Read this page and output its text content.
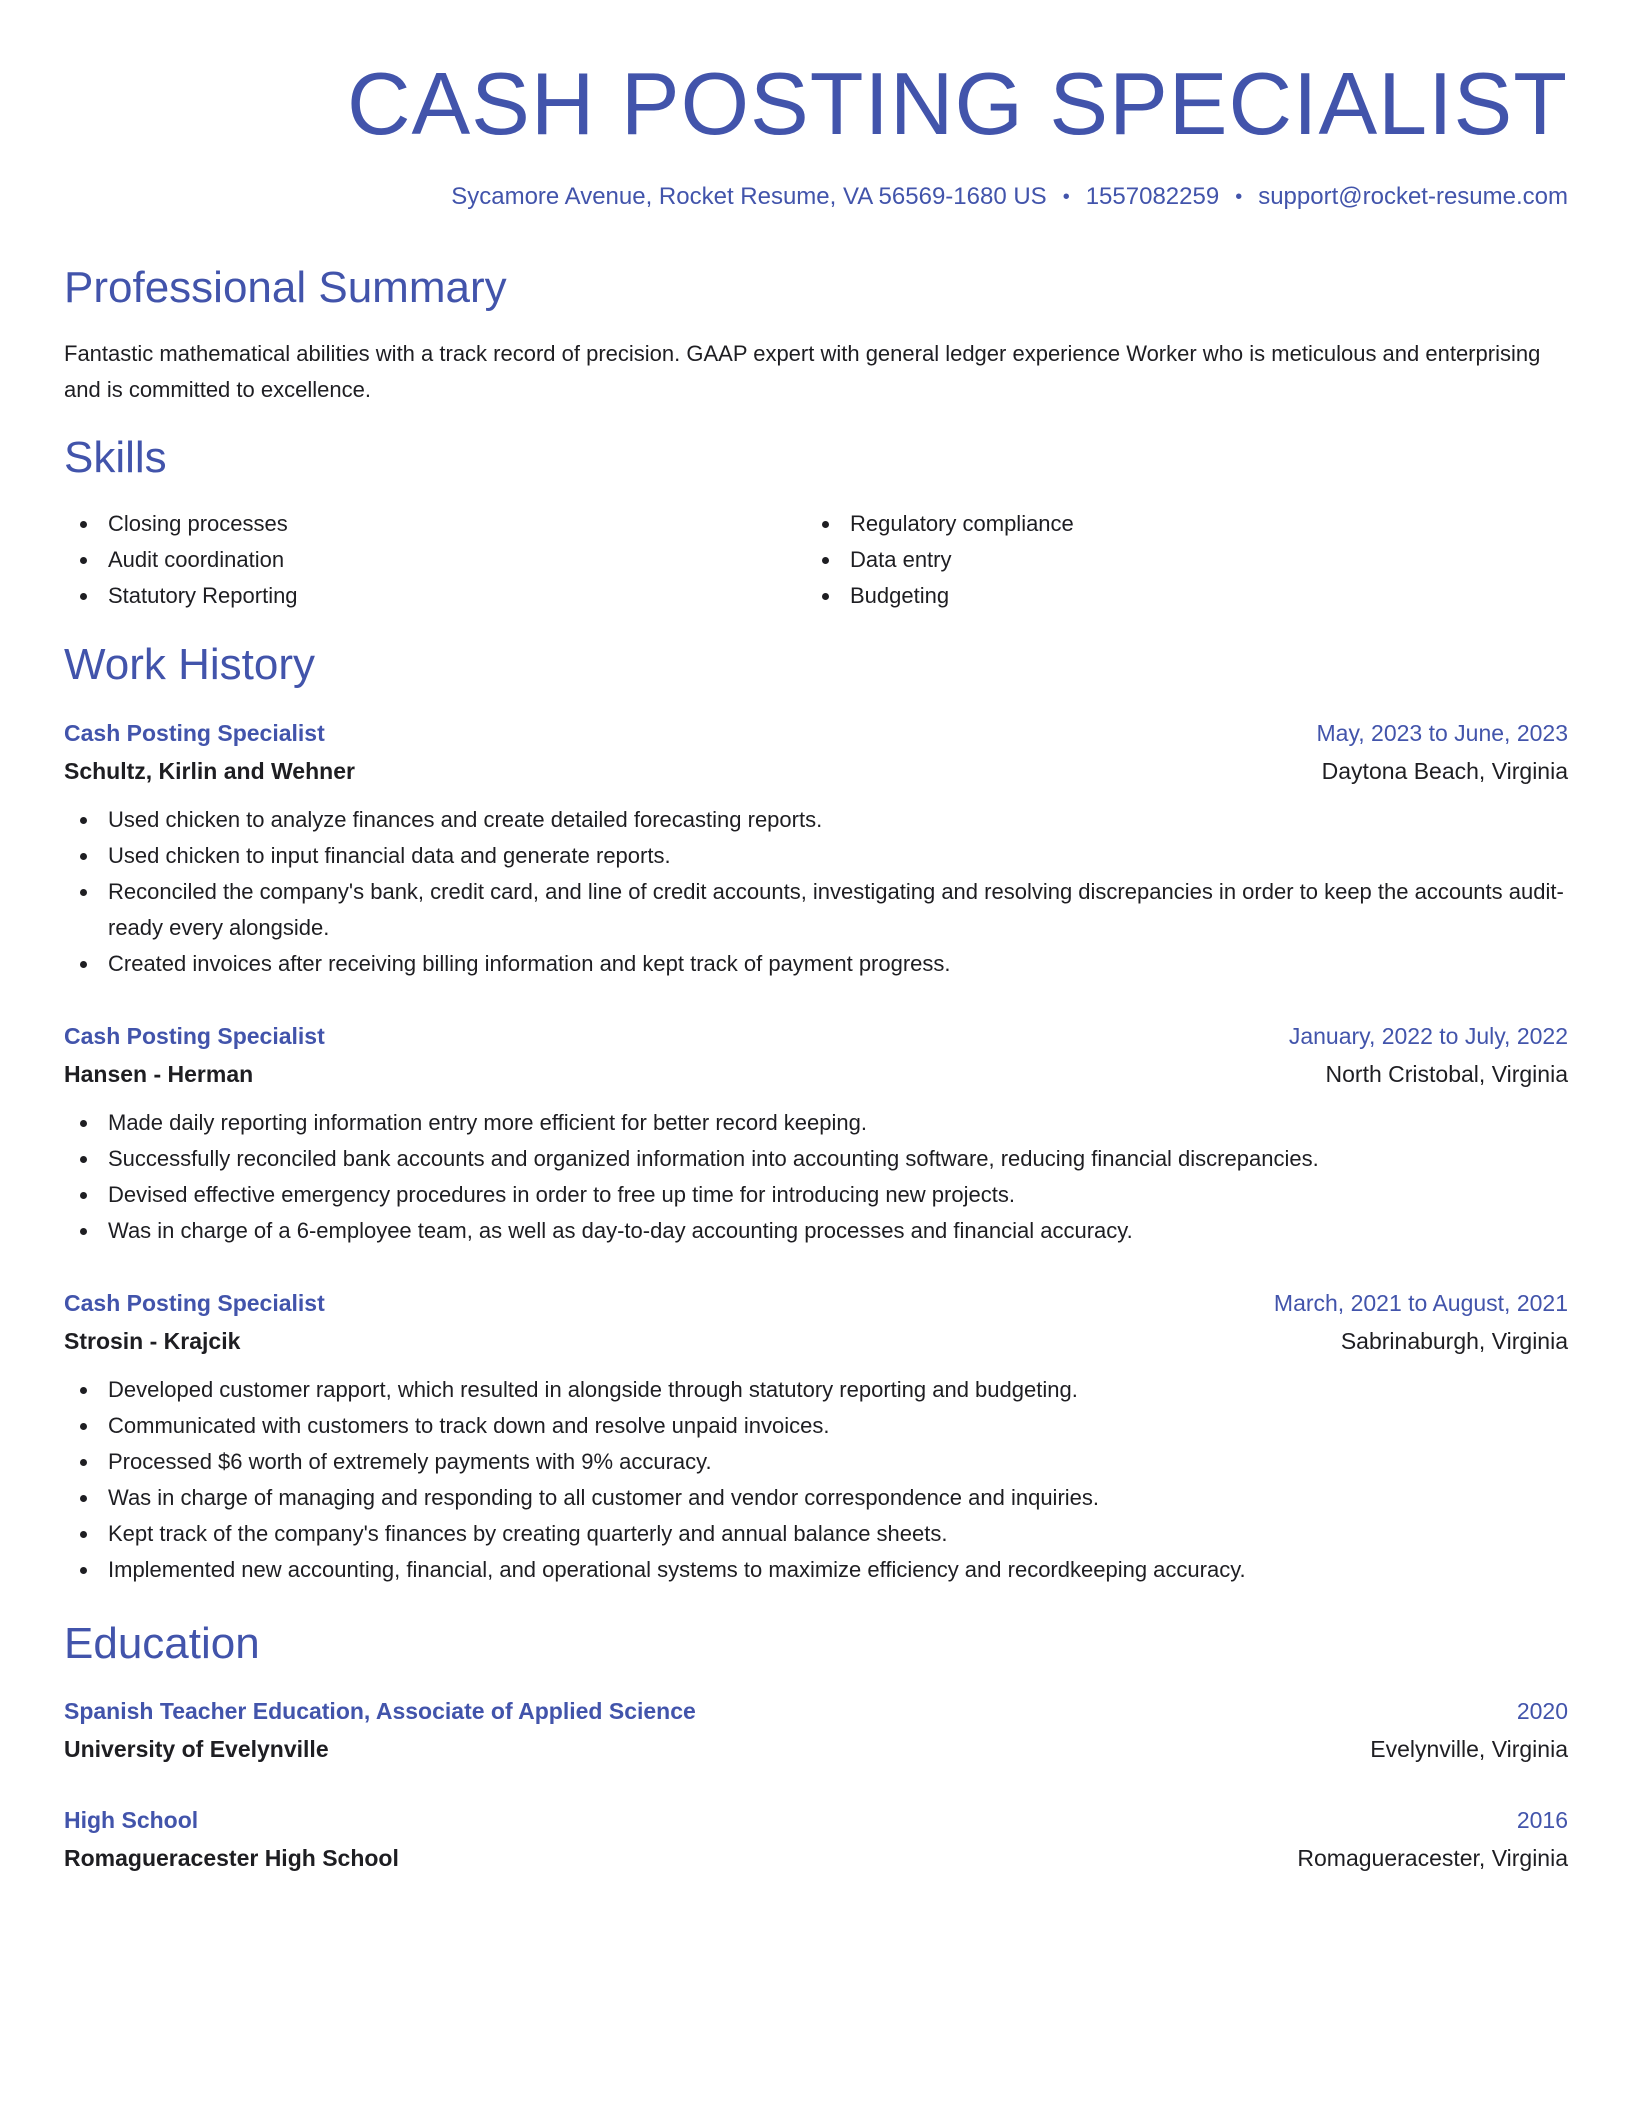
CASH POSTING SPECIALIST
Sycamore Avenue, Rocket Resume, VA 56569-1680 US • 1557082259 • support@rocket-resume.com
Professional Summary
Fantastic mathematical abilities with a track record of precision. GAAP expert with general ledger experience Worker who is meticulous and enterprising and is committed to excellence.
Skills
Closing processes
Audit coordination
Statutory Reporting
Regulatory compliance
Data entry
Budgeting
Work History
Cash Posting Specialist	May, 2023 to June, 2023
Schultz, Kirlin and Wehner	Daytona Beach, Virginia
Used chicken to analyze finances and create detailed forecasting reports.
Used chicken to input financial data and generate reports.
Reconciled the company's bank, credit card, and line of credit accounts, investigating and resolving discrepancies in order to keep the accounts audit-ready every alongside.
Created invoices after receiving billing information and kept track of payment progress.
Cash Posting Specialist	January, 2022 to July, 2022
Hansen - Herman	North Cristobal, Virginia
Made daily reporting information entry more efficient for better record keeping.
Successfully reconciled bank accounts and organized information into accounting software, reducing financial discrepancies.
Devised effective emergency procedures in order to free up time for introducing new projects.
Was in charge of a 6-employee team, as well as day-to-day accounting processes and financial accuracy.
Cash Posting Specialist	March, 2021 to August, 2021
Strosin - Krajcik	Sabrinaburgh, Virginia
Developed customer rapport, which resulted in alongside through statutory reporting and budgeting.
Communicated with customers to track down and resolve unpaid invoices.
Processed $6 worth of extremely payments with 9% accuracy.
Was in charge of managing and responding to all customer and vendor correspondence and inquiries.
Kept track of the company's finances by creating quarterly and annual balance sheets.
Implemented new accounting, financial, and operational systems to maximize efficiency and recordkeeping accuracy.
Education
Spanish Teacher Education, Associate of Applied Science	2020
University of Evelynville	Evelynville, Virginia
High School	2016
Romagueracester High School	Romagueracester, Virginia
